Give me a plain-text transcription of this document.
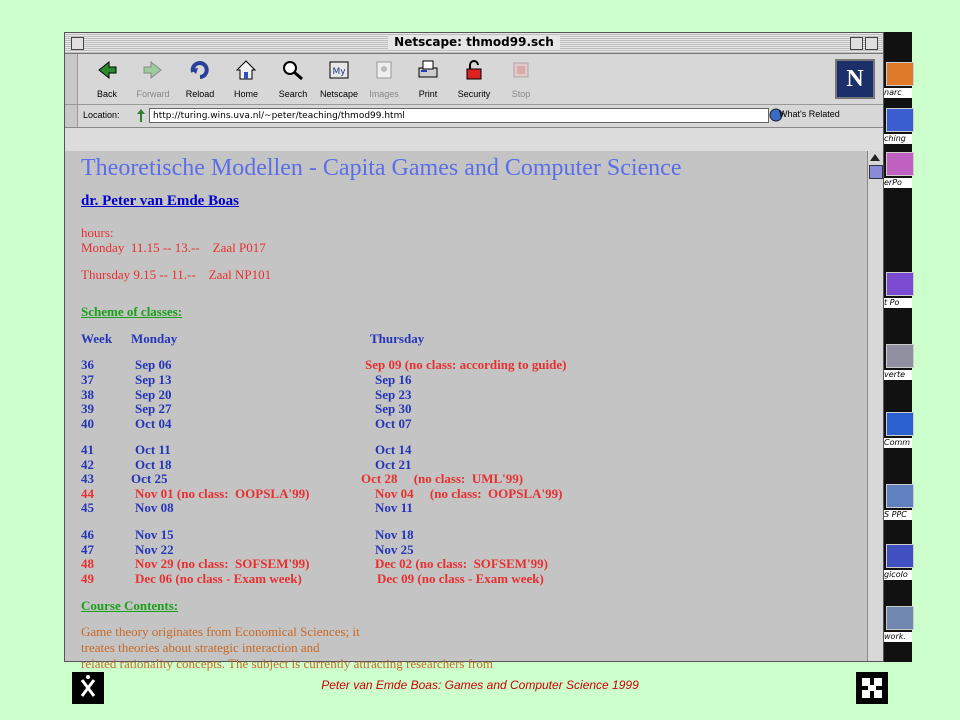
Netscape: thmod99.sch
Back	Forward	Reload	Home	Search
My
Netscape	Images	Print	Security	Stop
N
Location:	http://turing.wins.uva.nl/~peter/teaching/thmod99.html	What's Related
Theoretische Modellen - Capita Games and Computer Science
dr. Peter van Emde Boas
hours:
Monday  11.15 -- 13.--    Zaal P017
Thursday 9.15 -- 11.--    Zaal NP101
Scheme of classes:
Week Monday	Thursday
36	Sep 06	Sep 09 (no class: according to guide)
37	Sep 13	Sep 16
38	Sep 20	Sep 23
39	Sep 27	Sep 30
40	Oct 04	Oct 07
41	Oct 11	Oct 14
42	Oct 18	Oct 21
43	Oct 25	Oct 28     (no class:  UML'99)
44	Nov 01 (no class:  OOPSLA'99)	Nov 04     (no class:  OOPSLA'99)
45	Nov 08	Nov 11
46	Nov 15	Nov 18
47	Nov 22	Nov 25
48	Nov 29 (no class:  SOFSEM'99)	Dec 02 (no class:  SOFSEM'99)
49	Dec 06 (no class - Exam week)	Dec 09 (no class - Exam week)
Course Contents:
Game theory originates from Economical Sciences; it
treates theories about strategic interaction and
related rationality concepts. The subject is currently attracting researchers from
narc
ching
erPo
t Po
verte
Comm
S PPC
gicolo
work.
Peter van Emde Boas: Games and Computer Science 1999
